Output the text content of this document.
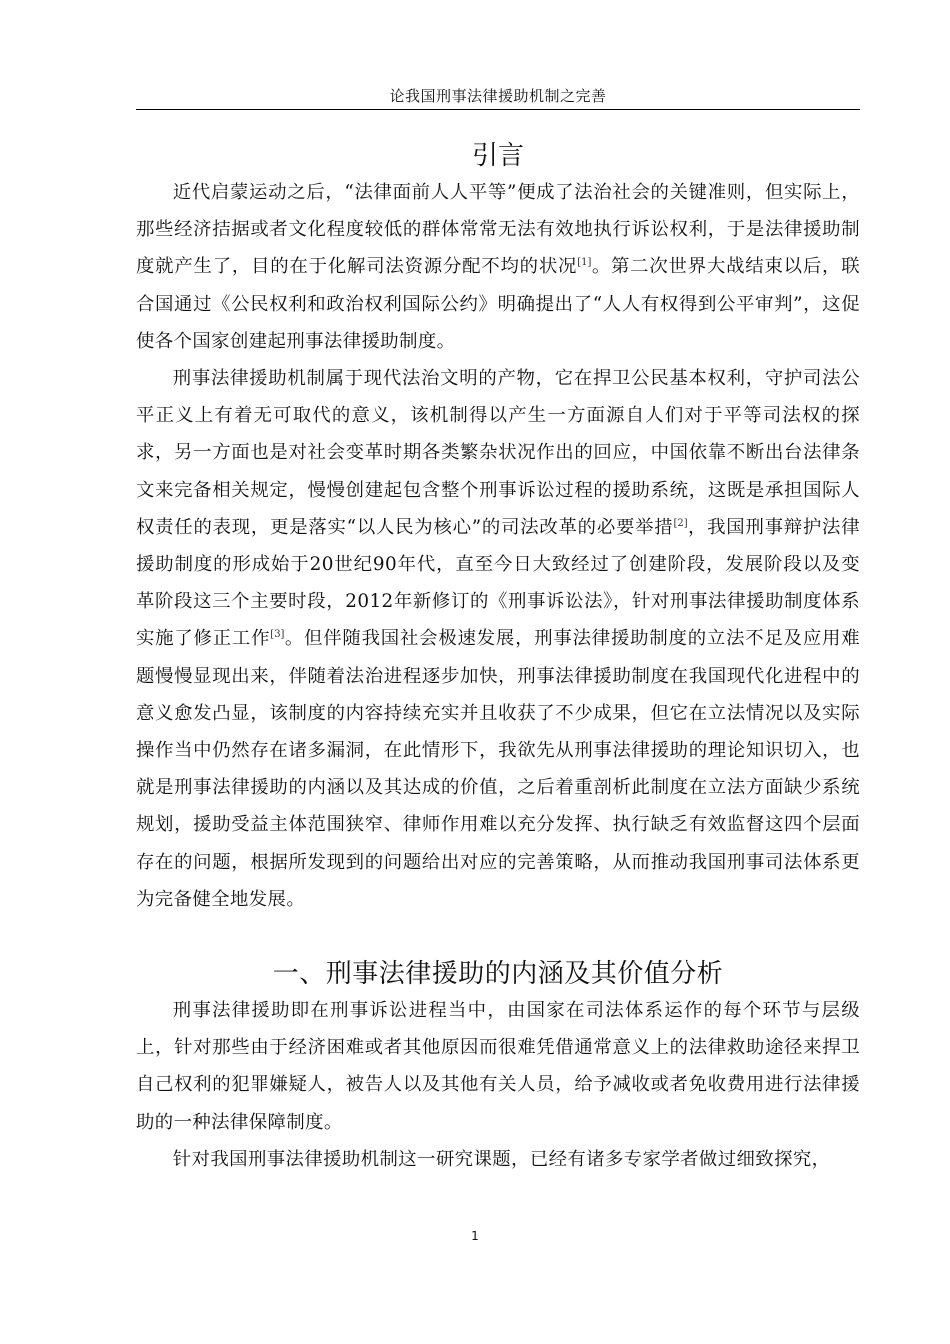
论我国刑事法律援助机制之完善
引言

近代启蒙运动之后，“法律面前人人平等”便成了法治社会的关键准则，但实际上，那些经济拮据或者文化程度较低的群体常常无法有效地执行诉讼权利，于是法律援助制度就产生了，目的在于化解司法资源分配不均的状况[1]。第二次世界大战结束以后，联合国通过《公民权利和政治权利国际公约》明确提出了“人人有权得到公平审判”，这促使各个国家创建起刑事法律援助制度。

刑事法律援助机制属于现代法治文明的产物，它在捍卫公民基本权利，守护司法公平正义上有着无可取代的意义，该机制得以产生一方面源自人们对于平等司法权的探求，另一方面也是对社会变革时期各类繁杂状况作出的回应，中国依靠不断出台法律条文来完备相关规定，慢慢创建起包含整个刑事诉讼过程的援助系统，这既是承担国际人权责任的表现，更是落实“以人民为核心”的司法改革的必要举措[2]，我国刑事辩护法律援助制度的形成始于20世纪90年代，直至今日大致经过了创建阶段，发展阶段以及变革阶段这三个主要时段，2012年新修订的《刑事诉讼法》，针对刑事法律援助制度体系实施了修正工作[3]。但伴随我国社会极速发展，刑事法律援助制度的立法不足及应用难题慢慢显现出来，伴随着法治进程逐步加快，刑事法律援助制度在我国现代化进程中的意义愈发凸显，该制度的内容持续充实并且收获了不少成果，但它在立法情况以及实际操作当中仍然存在诸多漏洞，在此情形下，我欲先从刑事法律援助的理论知识切入，也就是刑事法律援助的内涵以及其达成的价值，之后着重剖析此制度在立法方面缺少系统规划，援助受益主体范围狭窄、律师作用难以充分发挥、执行缺乏有效监督这四个层面存在的问题，根据所发现到的问题给出对应的完善策略，从而推动我国刑事司法体系更为完备健全地发展。

一、刑事法律援助的内涵及其价值分析

刑事法律援助即在刑事诉讼进程当中，由国家在司法体系运作的每个环节与层级上，针对那些由于经济困难或者其他原因而很难凭借通常意义上的法律救助途径来捍卫自己权利的犯罪嫌疑人，被告人以及其他有关人员，给予减收或者免收费用进行法律援助的一种法律保障制度。

针对我国刑事法律援助机制这一研究课题，已经有诸多专家学者做过细致探究，

1
